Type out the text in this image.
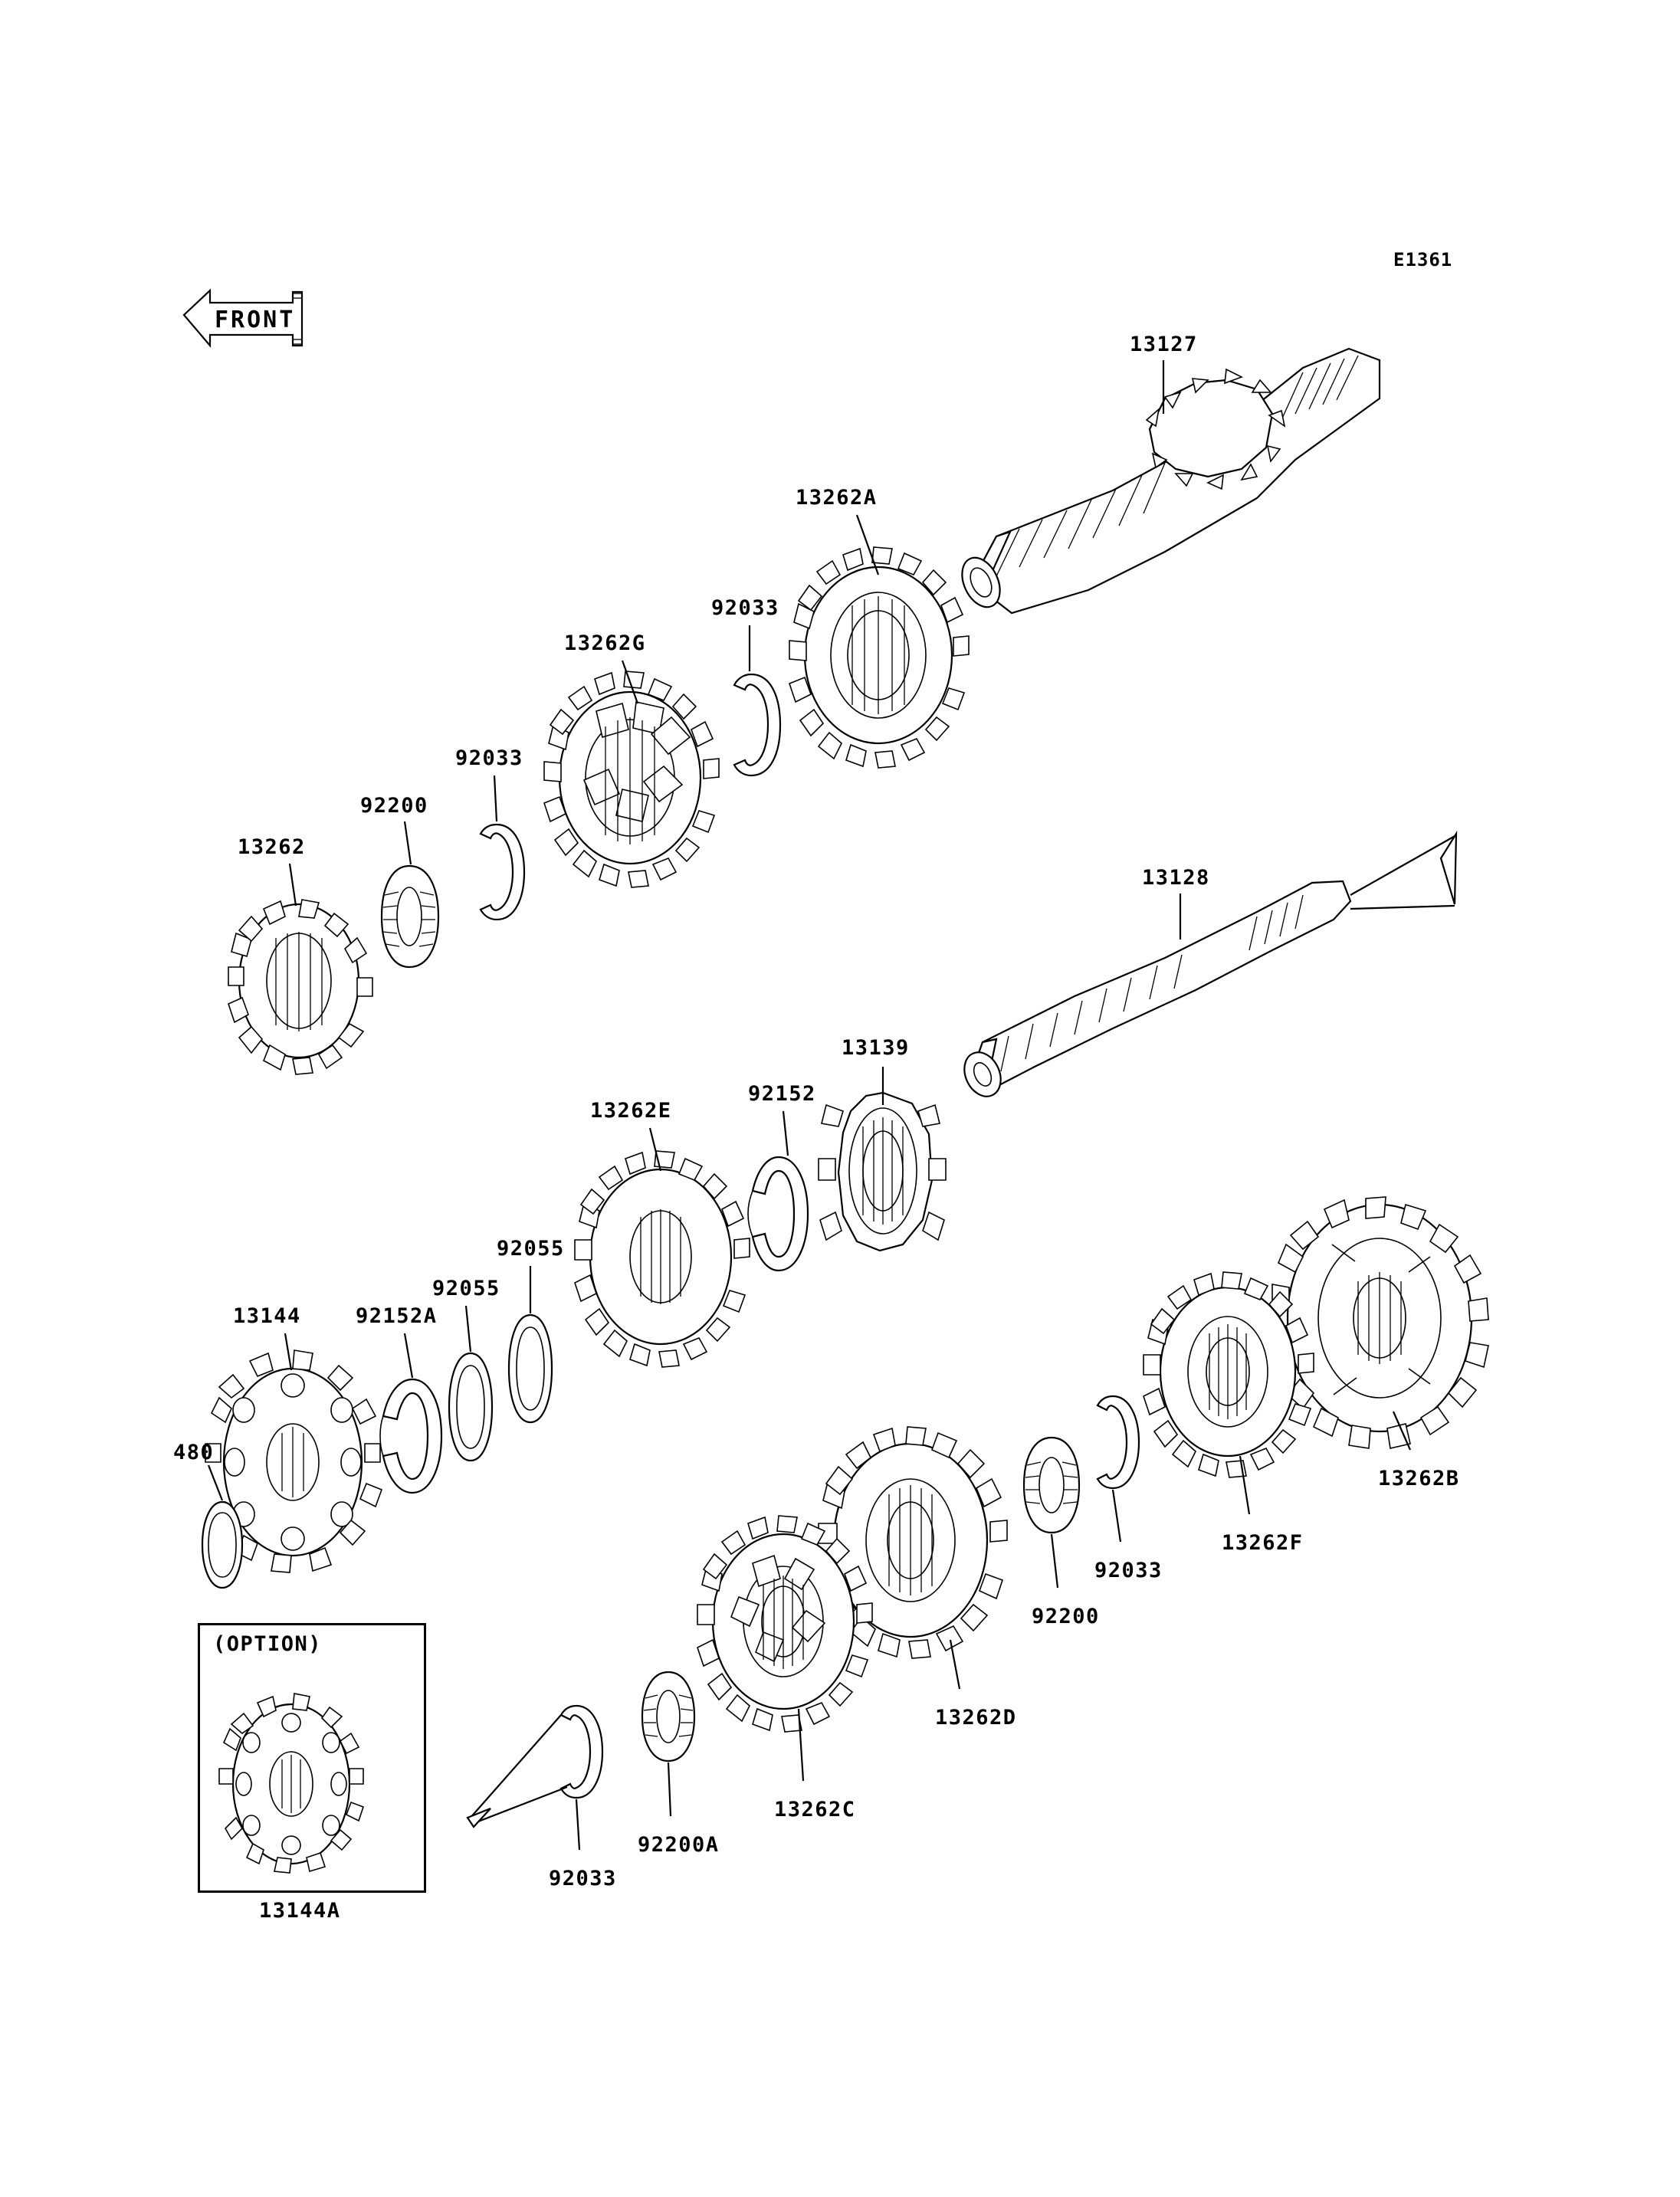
E1361
FRONT
(OPTION)
13144A
13127
13262A
92033
13262G
92033
92200
13262
13128
13139
13262E
92152
92055
92055
13144	92152A
480
13262B
13262F
92033
92200
13262D
13262C
92200A
92033
